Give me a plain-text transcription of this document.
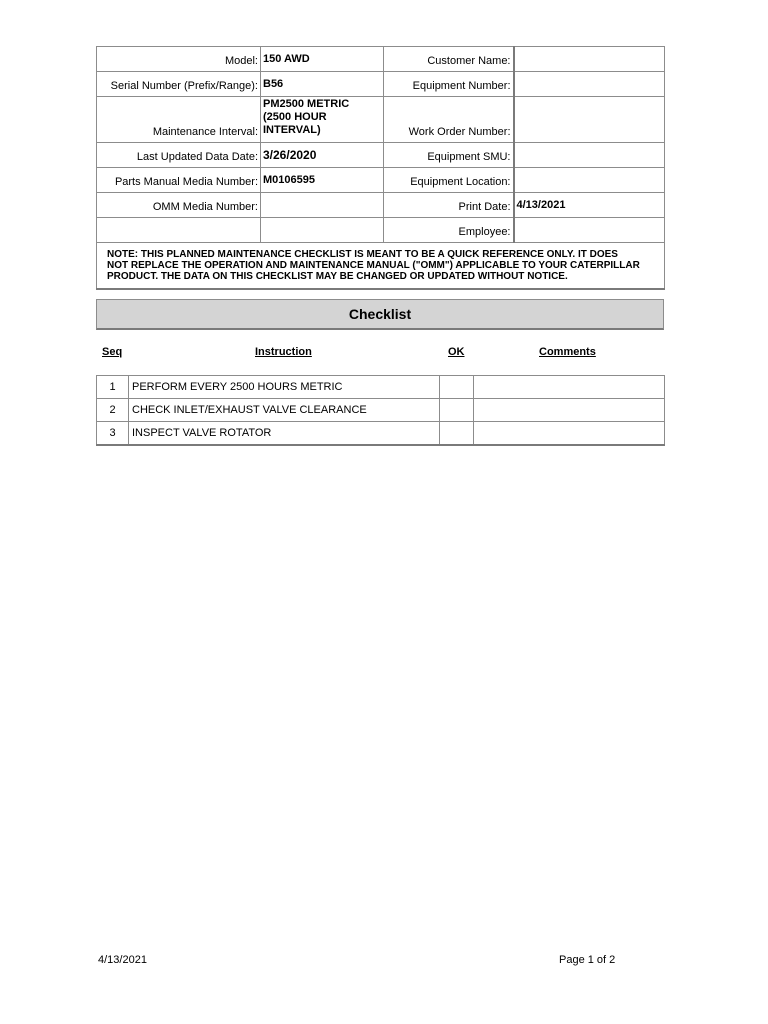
Model:	150 AWD	Customer Name:	
Serial Number (Prefix/Range):	B56	Equipment Number:	
Maintenance Interval:	PM2500 METRIC
(2500 HOUR
INTERVAL)	Work Order Number:	
Last Updated Data Date:	3/26/2020	Equipment SMU:	
Parts Manual Media Number:	M0106595	Equipment Location:	
OMM Media Number:		Print Date:	4/13/2021
		Employee:	

NOTE: THIS PLANNED MAINTENANCE CHECKLIST IS MEANT TO BE A QUICK REFERENCE ONLY. IT DOES
NOT REPLACE THE OPERATION AND MAINTENANCE MANUAL ("OMM") APPLICABLE TO YOUR CATERPILLAR
PRODUCT. THE DATA ON THIS CHECKLIST MAY BE CHANGED OR UPDATED WITHOUT NOTICE.			
Checklist
Seq	Instruction	OK	Comments
1	PERFORM EVERY 2500 HOURS METRIC		
2	CHECK INLET/EXHAUST VALVE CLEARANCE		
3	INSPECT VALVE ROTATOR		
4/13/2021	Page 1 of 2
